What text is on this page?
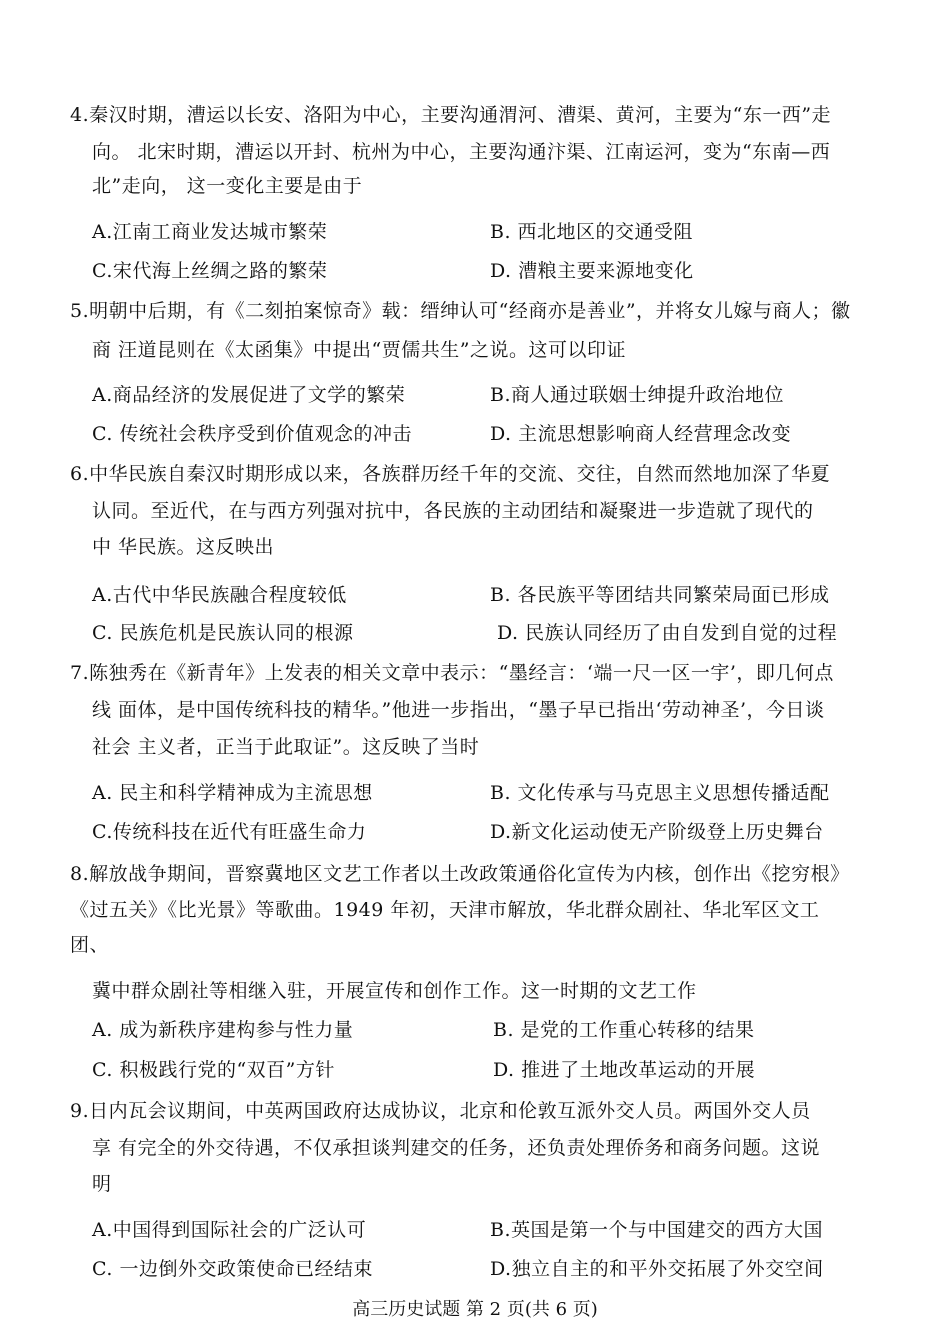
4.秦汉时期，漕运以长安、洛阳为中心，主要沟通渭河、漕渠、黄河，主要为“东一西”走
向。 北宋时期，漕运以开封、杭州为中心，主要沟通汴渠、江南运河，变为“东南—西
北”走向， 这一变化主要是由于
A.江南工商业发达城市繁荣	B. 西北地区的交通受阻
C.宋代海上丝绸之路的繁荣	D. 漕粮主要来源地变化
5.明朝中后期，有《二刻拍案惊奇》载：缙绅认可“经商亦是善业”，并将女儿嫁与商人；徽
商 汪道昆则在《太函集》中提出“贾儒共生”之说。这可以印证
A.商品经济的发展促进了文学的繁荣	B.商人通过联姻士绅提升政治地位
C. 传统社会秩序受到价值观念的冲击	D. 主流思想影响商人经营理念改变
6.中华民族自秦汉时期形成以来，各族群历经千年的交流、交往，自然而然地加深了华夏
认同。至近代，在与西方列强对抗中，各民族的主动团结和凝聚进一步造就了现代的
中 华民族。这反映出
A.古代中华民族融合程度较低	B. 各民族平等团结共同繁荣局面已形成
C. 民族危机是民族认同的根源	D. 民族认同经历了由自发到自觉的过程
7.陈独秀在《新青年》上发表的相关文章中表示：“墨经言：‘端一尺一区一宇’，即几何点
线 面体，是中国传统科技的精华。”他进一步指出，“墨子早已指出‘劳动神圣’，今日谈
社会 主义者，正当于此取证”。这反映了当时
A. 民主和科学精神成为主流思想	B. 文化传承与马克思主义思想传播适配
C.传统科技在近代有旺盛生命力	D.新文化运动使无产阶级登上历史舞台
8.解放战争期间，晋察冀地区文艺工作者以土改政策通俗化宣传为内核，创作出《挖穷根》
《过五关》《比光景》等歌曲。1949 年初，天津市解放，华北群众剧社、华北军区文工
团、
冀中群众剧社等相继入驻，开展宣传和创作工作。这一时期的文艺工作
A. 成为新秩序建构参与性力量	B. 是党的工作重心转移的结果
C. 积极践行党的“双百”方针	D. 推进了土地改革运动的开展
9.日内瓦会议期间，中英两国政府达成协议，北京和伦敦互派外交人员。两国外交人员
享 有完全的外交待遇，不仅承担谈判建交的任务，还负责处理侨务和商务问题。这说
明
A.中国得到国际社会的广泛认可	B.英国是第一个与中国建交的西方大国
C. 一边倒外交政策使命已经结束	D.独立自主的和平外交拓展了外交空间
高三历史试题 第 2 页(共 6 页)
